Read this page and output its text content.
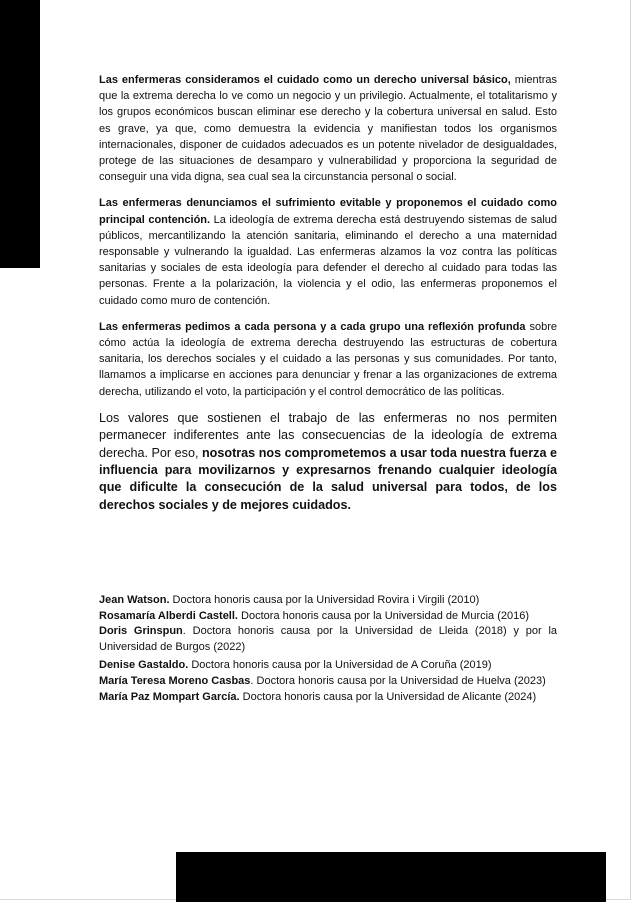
Las enfermeras consideramos el cuidado como un derecho universal básico, mientras que la extrema derecha lo ve como un negocio y un privilegio. Actualmente, el totalitarismo y los grupos económicos buscan eliminar ese derecho y la cobertura universal en salud. Esto es grave, ya que, como demuestra la evidencia y manifiestan todos los organismos internacionales, disponer de cuidados adecuados es un potente nivelador de desigualdades, protege de las situaciones de desamparo y vulnerabilidad y proporciona la seguridad de conseguir una vida digna, sea cual sea la circunstancia personal o social.

Las enfermeras denunciamos el sufrimiento evitable y proponemos el cuidado como principal contención. La ideología de extrema derecha está destruyendo sistemas de salud públicos, mercantilizando la atención sanitaria, eliminando el derecho a una maternidad responsable y vulnerando la igualdad. Las enfermeras alzamos la voz contra las políticas sanitarias y sociales de esta ideología para defender el derecho al cuidado para todas las personas. Frente a la polarización, la violencia y el odio, las enfermeras proponemos el cuidado como muro de contención.

Las enfermeras pedimos a cada persona y a cada grupo una reflexión profunda sobre cómo actúa la ideología de extrema derecha destruyendo las estructuras de cobertura sanitaria, los derechos sociales y el cuidado a las personas y sus comunidades. Por tanto, llamamos a implicarse en acciones para denunciar y frenar a las organizaciones de extrema derecha, utilizando el voto, la participación y el control democrático de las políticas.

Los valores que sostienen el trabajo de las enfermeras no nos permiten permanecer indiferentes ante las consecuencias de la ideología de extrema derecha. Por eso, nosotras nos comprometemos a usar toda nuestra fuerza e influencia para movilizarnos y expresarnos frenando cualquier ideología que dificulte la consecución de la salud universal para todos, de los derechos sociales y de mejores cuidados.

Jean Watson. Doctora honoris causa por la Universidad Rovira i Virgili (2010)

Rosamaría Alberdi Castell. Doctora honoris causa por la Universidad de Murcia (2016)

Doris Grinspun. Doctora honoris causa por la Universidad de Lleida (2018) y por la Universidad de Burgos (2022)

Denise Gastaldo. Doctora honoris causa por la Universidad de A Coruña (2019)

María Teresa Moreno Casbas. Doctora honoris causa por la Universidad de Huelva (2023)

María Paz Mompart García. Doctora honoris causa por la Universidad de Alicante (2024)
